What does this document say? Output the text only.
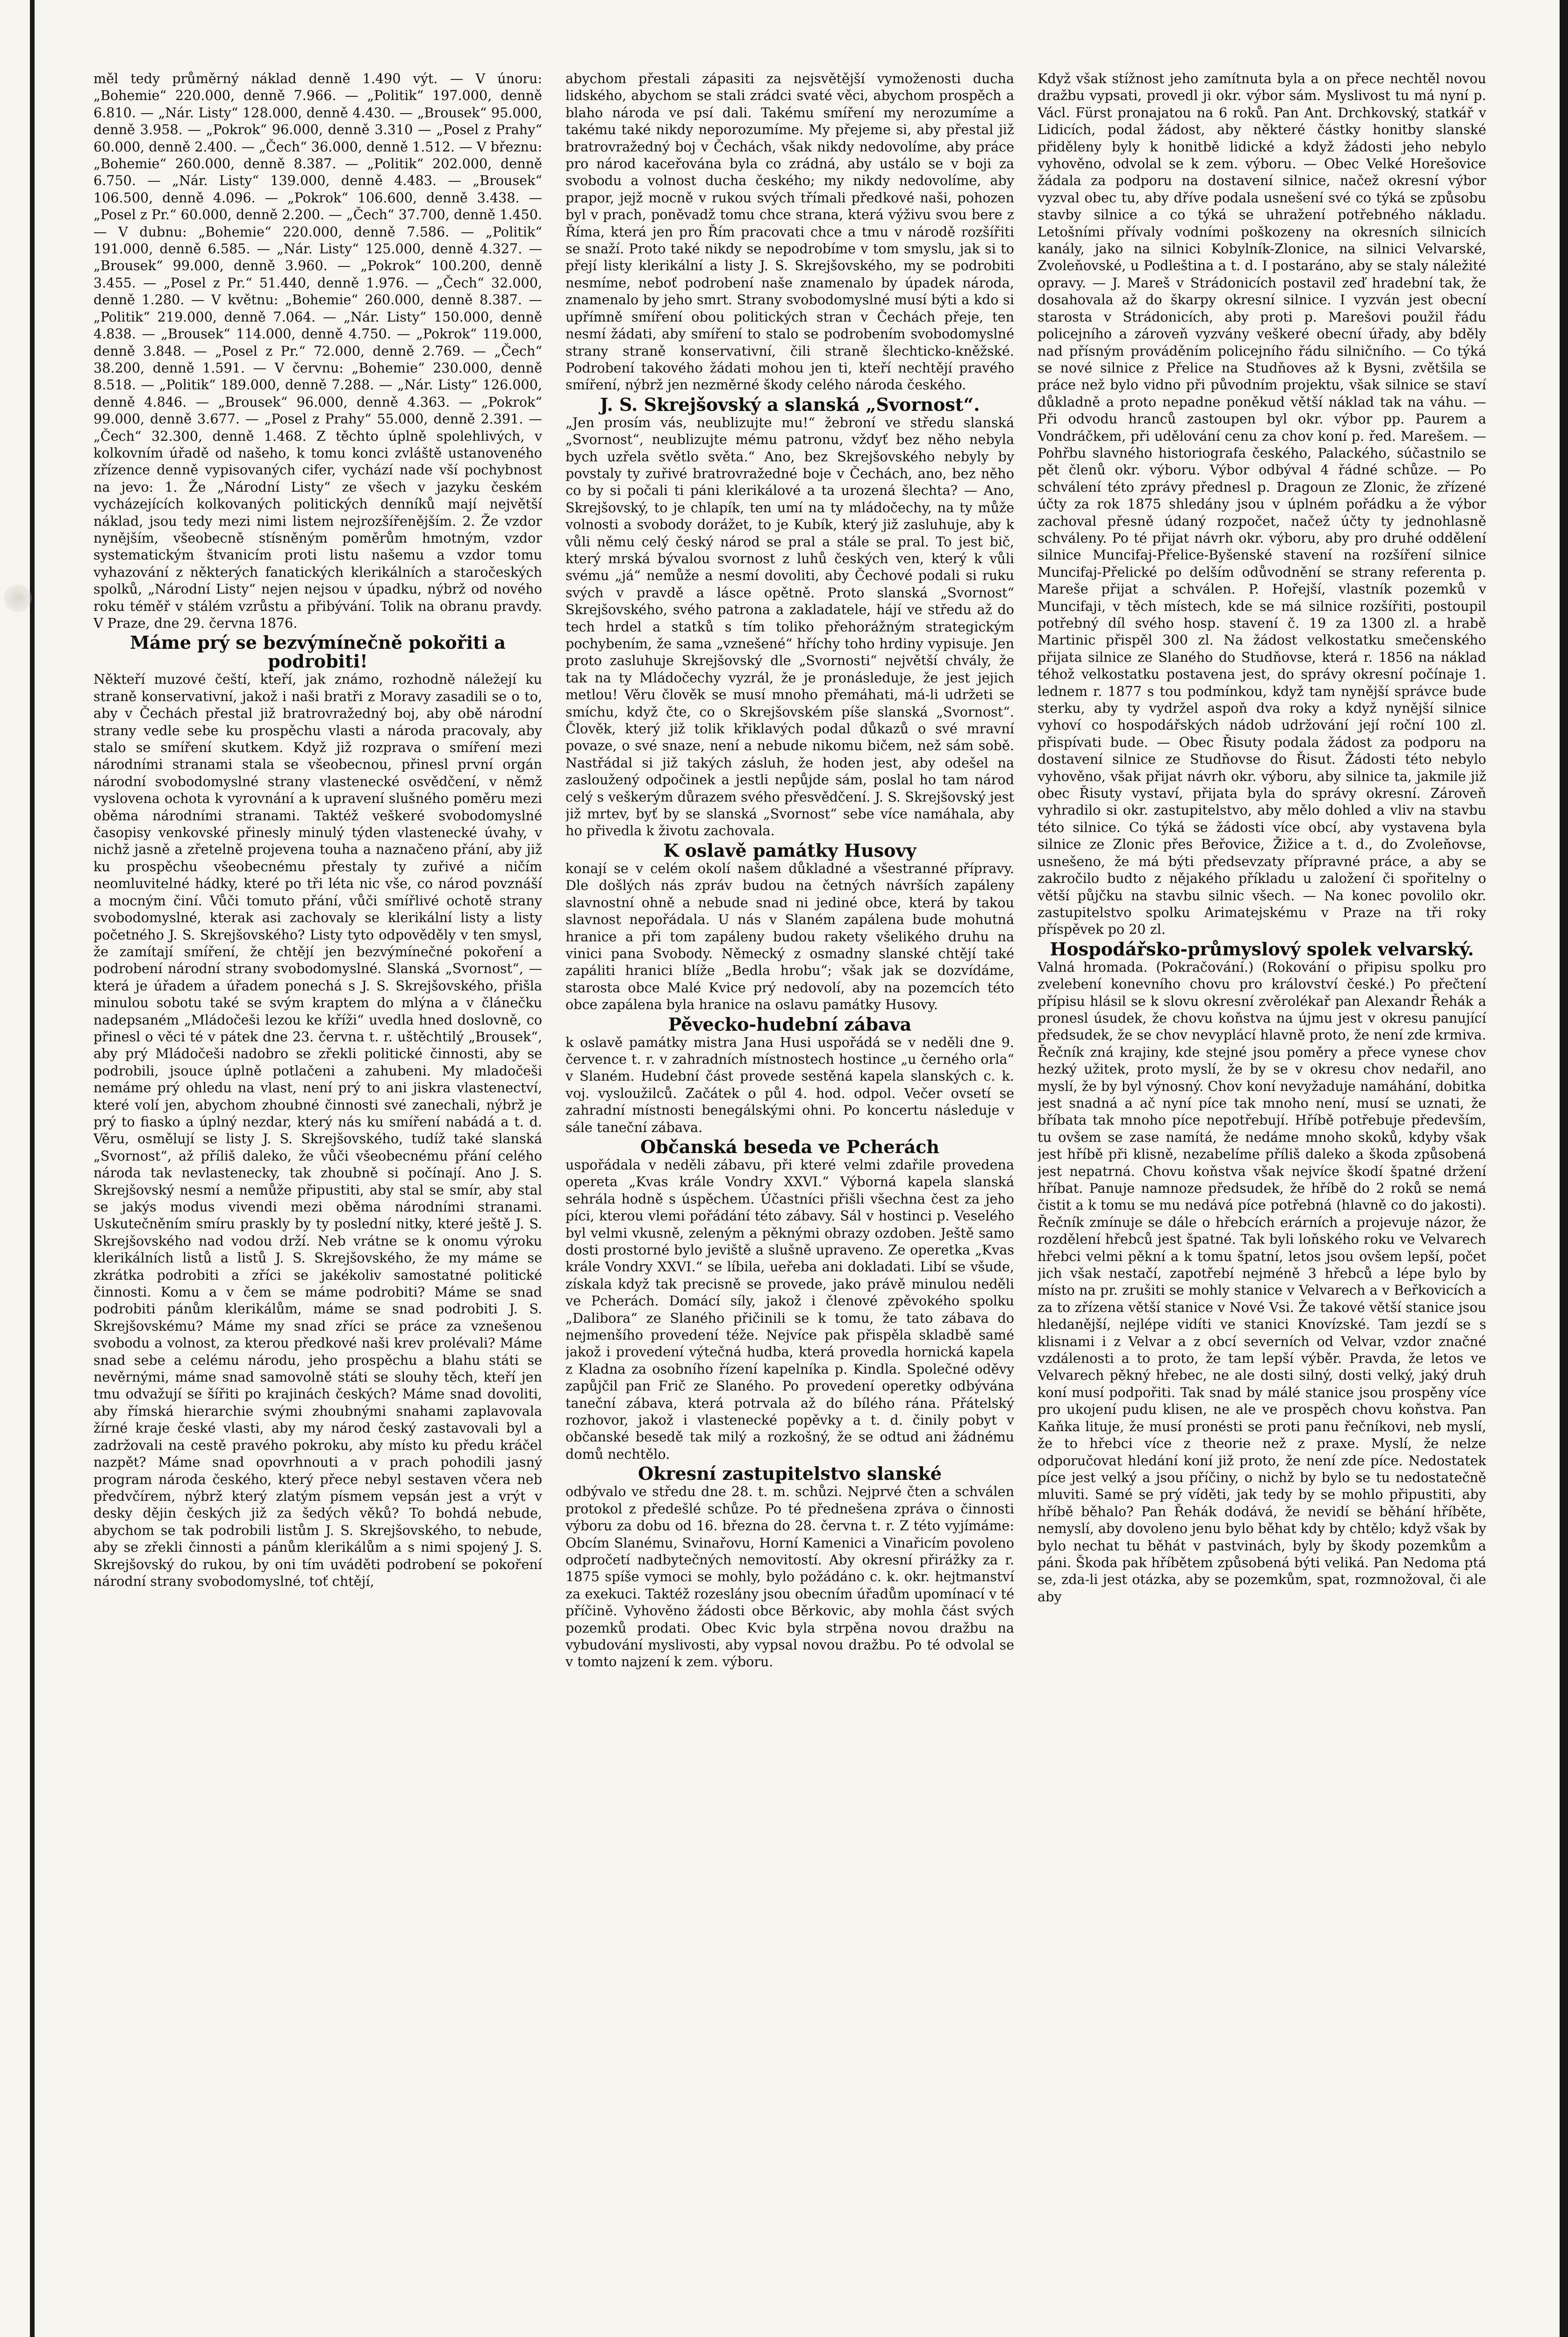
měl tedy průměrný náklad denně 1.490 výt. — V únoru: „Bohemie“ 220.000, denně 7.966. — „Politik“ 197.000, denně 6.810. — „Nár. Listy“ 128.000, denně 4.430. — „Brousek“ 95.000, denně 3.958. — „Pokrok“ 96.000, denně 3.310 — „Posel z Prahy“ 60.000, denně 2.400. — „Čech“ 36.000, denně 1.512. — V březnu: „Bohemie“ 260.000, denně 8.387. — „Politik“ 202.000, denně 6.750. — „Nár. Listy“ 139.000, denně 4.483. — „Brousek“ 106.500, denně 4.096. — „Pokrok“ 106.600, denně 3.438. — „Posel z Pr.“ 60.000, denně 2.200. — „Čech“ 37.700, denně 1.450. — V dubnu: „Bohemie“ 220.000, denně 7.586. — „Politik“ 191.000, denně 6.585. — „Nár. Listy“ 125.000, denně 4.327. — „Brousek“ 99.000, denně 3.960. — „Pokrok“ 100.200, denně 3.455. — „Posel z Pr.“ 51.440, denně 1.976. — „Čech“ 32.000, denně 1.280. — V květnu: „Bohemie“ 260.000, denně 8.387. — „Politik“ 219.000, denně 7.064. — „Nár. Listy“ 150.000, denně 4.838. — „Brousek“ 114.000, denně 4.750. — „Pokrok“ 119.000, denně 3.848. — „Posel z Pr.“ 72.000, denně 2.769. — „Čech“ 38.200, denně 1.591. — V červnu: „Bohemie“ 230.000, denně 8.518. — „Politik“ 189.000, denně 7.288. — „Nár. Listy“ 126.000, denně 4.846. — „Brousek“ 96.000, denně 4.363. — „Pokrok“ 99.000, denně 3.677. — „Posel z Prahy“ 55.000, denně 2.391. — „Čech“ 32.300, denně 1.468. Z těchto úplně spolehlivých, v kolkovním úřadě od našeho, k tomu konci zvláště ustanoveného zřízence denně vypisovaných cifer, vychází nade vší pochybnost na jevo: 1. Že „Národní Listy“ ze všech v jazyku českém vycházejících kolkovaných politických denníků mají největší náklad, jsou tedy mezi nimi listem nejrozšířenějším. 2. Že vzdor nynějším, všeobecně stísněným poměrům hmotným, vzdor systematickým štvanicím proti listu našemu a vzdor tomu vyhazování z některých fanatických klerikálních a staročeských spolků, „Národní Listy“ nejen nejsou v úpadku, nýbrž od nového roku téměř v stálém vzrůstu a přibývání. Tolik na obranu pravdy. V Praze, dne 29. června 1876.

Máme prý se bezvýmínečně pokořiti a podrobiti!

Někteří muzové čeští, kteří, jak známo, rozhodně náležejí ku straně konservativní, jakož i naši bratři z Moravy zasadili se o to, aby v Čechách přestal již bratrovražedný boj, aby obě národní strany vedle sebe ku prospěchu vlasti a národa pracovaly, aby stalo se smíření skutkem. Když již rozprava o smíření mezi národními stranami stala se všeobecnou, přinesl první orgán národní svobodomyslné strany vlastenecké osvědčení, v němž vyslovena ochota k vyrovnání a k upravení slušného poměru mezi oběma národními stranami. Taktéž veškeré svobodomyslné časopisy venkovské přinesly minulý týden vlastenecké úvahy, v nichž jasně a zřetelně projevena touha a naznačeno přání, aby již ku prospěchu všeobecnému přestaly ty zuřivé a ničím neomluvitelné hádky, které po tři léta nic vše, co národ povznáší a mocným činí. Vůči tomuto přání, vůči smířlivé ochotě strany svobodomyslné, kterak asi zachovaly se klerikální listy a listy početného J. S. Skrejšovského? Listy tyto odpověděly v ten smysl, že zamítají smíření, že chtějí jen bezvýmínečné pokoření a podrobení národní strany svobodomyslné. Slanská „Svornost“, — která je úřadem a úřadem ponechá s J. S. Skrejšovského, přišla minulou sobotu také se svým kraptem do mlýna a v článečku nadepsaném „Mládočeši lezou ke kříži“ uvedla hned doslovně, co přinesl o věci té v pátek dne 23. června t. r. uštěchtilý „Brousek“, aby prý Mládočeši nadobro se zřekli politické činnosti, aby se podrobili, jsouce úplně potlačeni a zahubeni. My mladočeši nemáme prý ohledu na vlast, není prý to ani jiskra vlastenectví, které volí jen, abychom zhoubné činnosti své zanechali, nýbrž je prý to fiasko a úplný nezdar, který nás ku smíření nabádá a t. d. Věru, osmělují se listy J. S. Skrejšovského, tudíž také slanská „Svornost“, až příliš daleko, že vůči všeobecnému přání celého národa tak nevlastenecky, tak zhoubně si počínají. Ano J. S. Skrejšovský nesmí a nemůže připustiti, aby stal se smír, aby stal se jakýs modus vivendi mezi oběma národními stranami. Uskutečněním smíru praskly by ty poslední nitky, které ještě J. S. Skrejšovského nad vodou drží. Neb vrátne se k onomu výroku klerikálních listů a listů J. S. Skrejšovského, že my máme se zkrátka podrobiti a zříci se jakékoliv samostatné politické činnosti. Komu a v čem se máme podrobiti? Máme se snad podrobiti pánům klerikálům, máme se snad podrobiti J. S. Skrejšovskému? Máme my snad zříci se práce za vznešenou svobodu a volnost, za kterou předkové naši krev prolévali? Máme snad sebe a celému národu, jeho prospěchu a blahu státi se nevěrnými, máme snad samovolně státi se slouhy těch, kteří jen tmu odvažují se šířiti po krajinách českých? Máme snad dovoliti, aby římská hierarchie svými zhoubnými snahami zaplavovala žírné kraje české vlasti, aby my národ český zastavovali byl a zadržovali na cestě pravého pokroku, aby místo ku předu kráčel nazpět? Máme snad opovrhnouti a v prach pohodili jasný program národa českého, který přece nebyl sestaven včera neb předvčírem, nýbrž který zlatým písmem vepsán jest a vrýt v desky dějin českých již za šedých věků? To bohdá nebude, abychom se tak podrobili listům J. S. Skrejšovského, to nebude, aby se zřekli činnosti a pánům klerikálům a s nimi spojený J. S. Skrejšovský do rukou, by oni tím uváděti podrobení se pokoření národní strany svobodomyslné, toť chtějí,

abychom přestali zápasiti za nejsvětější vymoženosti ducha lidského, abychom se stali zrádci svaté věci, abychom prospěch a blaho národa ve psí dali. Takému smíření my nerozumíme a takému také nikdy neporozumíme. My přejeme si, aby přestal již bratrovražedný boj v Čechách, však nikdy nedovolíme, aby práce pro národ kaceřována byla co zrádná, aby ustálo se v boji za svobodu a volnost ducha českého; my nikdy nedovolíme, aby prapor, jejž mocně v rukou svých třímali předkové naši, pohozen byl v prach, poněvadž tomu chce strana, která výživu svou bere z Říma, která jen pro Řím pracovati chce a tmu v národě rozšířiti se snaží. Proto také nikdy se nepodrobíme v tom smyslu, jak si to přejí listy klerikální a listy J. S. Skrejšovského, my se podrobiti nesmíme, neboť podrobení naše znamenalo by úpadek národa, znamenalo by jeho smrt. Strany svobodomyslné musí býti a kdo si upřímně smíření obou politických stran v Čechách přeje, ten nesmí žádati, aby smíření to stalo se podrobením svobodomyslné strany straně konservativní, čili straně šlechticko-kněžské. Podrobení takového žádati mohou jen ti, kteří nechtějí pravého smíření, nýbrž jen nezměrné škody celého národa českého.

J. S. Skrejšovský a slanská „Svornost“.

„Jen prosím vás, neublizujte mu!“ žebroní ve středu slanská „Svornost“, neublizujte mému patronu, vždyť bez něho nebyla bych uzřela světlo světa.“ Ano, bez Skrejšovského nebyly by povstaly ty zuřivé bratrovražedné boje v Čechách, ano, bez něho co by si počali ti páni klerikálové a ta urozená šlechta? — Ano, Skrejšovský, to je chlapík, ten umí na ty mládočechy, na ty může volnosti a svobody dorážet, to je Kubík, který již zasluhuje, aby k vůli němu celý český národ se pral a stále se pral. To jest bič, který mrská bývalou svornost z luhů českých ven, který k vůli svému „já“ nemůže a nesmí dovoliti, aby Čechové podali si ruku svých v pravdě a lásce opětně. Proto slanská „Svornost“ Skrejšovského, svého patrona a zakladatele, hájí ve středu až do tech hrdel a statků s tím toliko přehorážným strategickým pochybením, že sama „vznešené“ hříchy toho hrdiny vypisuje. Jen proto zasluhuje Skrejšovský dle „Svornosti“ největší chvály, že tak na ty Mládočechy vyzrál, že je pronásleduje, že jest jejich metlou! Věru člověk se musí mnoho přemáhati, má-li udržeti se smíchu, když čte, co o Skrejšovském píše slanská „Svornost“. Člověk, který již tolik křiklavých podal důkazů o své mravní povaze, o své snaze, není a nebude nikomu bičem, než sám sobě. Nastřádal si již takých zásluh, že hoden jest, aby odešel na zasloužený odpočinek a jestli nepůjde sám, poslal ho tam národ celý s veškerým důrazem svého přesvědčení. J. S. Skrejšovský jest již mrtev, byť by se slanská „Svornost“ sebe více namáhala, aby ho přivedla k životu zachovala.

K oslavě památky Husovy

konají se v celém okolí našem důkladné a všestranné přípravy. Dle došlých nás zpráv budou na četných návrších zapáleny slavnostní ohně a nebude snad ni jediné obce, která by takou slavnost nepořádala. U nás v Slaném zapálena bude mohutná hranice a při tom zapáleny budou rakety všelikého druhu na vinici pana Svobody. Německý z osmadny slanské chtějí také zapáliti hranici blíže „Bedla hrobu“; však jak se dozvídáme, starosta obce Malé Kvice prý nedovolí, aby na pozemcích této obce zapálena byla hranice na oslavu památky Husovy.

Pěvecko-hudební zábava

k oslavě památky mistra Jana Husi uspořádá se v neděli dne 9. července t. r. v zahradních místnostech hostince „u černého orla“ v Slaném. Hudební část provede sestěná kapela slanských c. k. voj. vysloužilců. Začátek o půl 4. hod. odpol. Večer ovsetí se zahradní místnosti benegálskými ohni. Po koncertu následuje v sále taneční zábava.

Občanská beseda ve Pcherách

uspořádala v neděli zábavu, při které velmi zdařile provedena opereta „Kvas krále Vondry XXVI.“ Výborná kapela slanská sehrála hodně s úspěchem. Účastníci přišli všechna čest za jeho píci, kterou vlemi pořádání této zábavy. Sál v hostinci p. Veselého byl velmi vkusně, zeleným a pěknými obrazy ozdoben. Ještě samo dosti prostorné bylo jeviště a slušně upraveno. Ze operetka „Kvas krále Vondry XXVI.“ se líbila, ueřeba ani dokladati. Libí se všude, získala když tak precisně se provede, jako právě minulou neděli ve Pcherách. Domácí síly, jakož i členové zpěvokého spolku „Dalibora“ ze Slaného přičinili se k tomu, že tato zábava do nejmenšího provedení téže. Nejvíce pak přispěla skladbě samé jakož i provedení výtečná hudba, která provedla hornická kapela z Kladna za osobního řízení kapelníka p. Kindla. Společné oděvy zapůjčil pan Frič ze Slaného. Po provedení operetky odbývána taneční zábava, která potrvala až do bílého rána. Přátelský rozhovor, jakož i vlastenecké popěvky a t. d. činily pobyt v občanské besedě tak milý a rozkošný, že se odtud ani žádnému domů nechtělo.

Okresní zastupitelstvo slanské

odbývalo ve středu dne 28. t. m. schůzi. Nejprvé čten a schválen protokol z předešlé schůze. Po té přednešena zpráva o činnosti výboru za dobu od 16. března do 28. června t. r. Z této vyjímáme: Obcím Slanému, Svinařovu, Horní Kamenici a Vinařicím povoleno odpročetí nadbytečných nemovitostí. Aby okresní přirážky za r. 1875 spíše vymoci se mohly, bylo požádáno c. k. okr. hejtmanství za exekuci. Taktéž rozeslány jsou obecním úřadům upomínací v té příčině. Vyhověno žádosti obce Běrkovic, aby mohla část svých pozemků prodati. Obec Kvic byla strpěna novou dražbu na vybudování myslivosti, aby vypsal novou dražbu. Po té odvolal se v tomto najzení k zem. výboru.

Když však stížnost jeho zamítnuta byla a on přece nechtěl novou dražbu vypsati, provedl ji okr. výbor sám. Myslivost tu má nyní p. Václ. Fürst pronajatou na 6 roků. Pan Ant. Drchkovský, statkář v Lidicích, podal žádost, aby některé částky honitby slanské přiděleny byly k honitbě lidické a když žádosti jeho nebylo vyhověno, odvolal se k zem. výboru. — Obec Velké Horešovice žádala za podporu na dostavení silnice, načež okresní výbor vyzval obec tu, aby dříve podala usnešení své co týká se způsobu stavby silnice a co týká se uhražení potřebného nákladu. Letošními přívaly vodními poškozeny na okresních silnicích kanály, jako na silnici Kobylník-Zlonice, na silnici Velvarské, Zvoleňovské, u Podleština a t. d. I postaráno, aby se staly náležité opravy. — J. Mareš v Strádonicích postavil zeď hradební tak, že dosahovala až do škarpy okresní silnice. I vyzván jest obecní starosta v Strádonicích, aby proti p. Marešovi použil řádu policejního a zároveň vyzvány veškeré obecní úřady, aby bděly nad přísným prováděním policejního řádu silničního. — Co týká se nové silnice z Přelice na Studňoves až k Bysni, zvětšila se práce než bylo vidno při původním projektu, však silnice se staví důkladně a proto nepadne poněkud větší náklad tak na váhu. — Při odvodu hranců zastoupen byl okr. výbor pp. Paurem a Vondráčkem, při udělování cenu za chov koní p. řed. Marešem. — Pohřbu slavného historiografa českého, Palackého, súčastnilo se pět členů okr. výboru. Výbor odbýval 4 řádné schůze. — Po schválení této zprávy přednesl p. Dragoun ze Zlonic, že zřízené účty za rok 1875 shledány jsou v úplném pořádku a že výbor zachoval přesně údaný rozpočet, načež účty ty jednohlasně schváleny. Po té přijat návrh okr. výboru, aby pro druhé oddělení silnice Muncifaj-Přelice-Byšenské stavení na rozšíření silnice Muncifaj-Přelické po delším odůvodnění se strany referenta p. Mareše přijat a schválen. P. Hořejší, vlastník pozemků v Muncifaji, v těch místech, kde se má silnice rozšířiti, postoupil potřebný díl svého hosp. stavení č. 19 za 1300 zl. a hrabě Martinic přispěl 300 zl. Na žádost velkostatku smečenského přijata silnice ze Slaného do Studňovse, která r. 1856 na náklad téhož velkostatku postavena jest, do správy okresní počínaje 1. lednem r. 1877 s tou podmínkou, když tam nynější správce bude sterku, aby ty vydržel aspoň dva roky a když nynější silnice vyhoví co hospodářských nádob udržování její roční 100 zl. přispívati bude. — Obec Řisuty podala žádost za podporu na dostavení silnice ze Studňovse do Řisut. Žádosti této nebylo vyhověno, však přijat návrh okr. výboru, aby silnice ta, jakmile již obec Řisuty vystaví, přijata byla do správy okresní. Zároveň vyhradilo si okr. zastupitelstvo, aby mělo dohled a vliv na stavbu této silnice. Co týká se žádosti více obcí, aby vystavena byla silnice ze Zlonic přes Beřovice, Žižice a t. d., do Zvoleňovse, usnešeno, že má býti předsevzaty přípravné práce, a aby se zakročilo budto z nějakého příkladu u založení či spořitelny o větší půjčku na stavbu silnic všech. — Na konec povolilo okr. zastupitelstvo spolku Arimatejskému v Praze na tři roky příspěvek po 20 zl.

Hospodářsko-průmyslový spolek velvarský.

Valná hromada. (Pokračování.) (Rokování o připisu spolku pro zvelebení konevního chovu pro království české.) Po přečtení přípisu hlásil se k slovu okresní zvěrolékař pan Alexandr Řehák a pronesl úsudek, že chovu koňstva na újmu jest v okresu panující předsudek, že se chov nevyplácí hlavně proto, že není zde krmiva. Řečník zná krajiny, kde stejné jsou poměry a přece vynese chov hezký užitek, proto myslí, že by se v okresu chov nedařil, ano myslí, že by byl výnosný. Chov koní nevyžaduje namáhání, dobitka jest snadná a ač nyní píce tak mnoho není, musí se uznati, že bříbata tak mnoho píce nepotřebují. Hříbě potřebuje především, tu ovšem se zase namítá, že nedáme mnoho skoků, kdyby však jest hříbě při klisně, nezabelíme příliš daleko a škoda způsobená jest nepatrná. Chovu koňstva však nejvíce škodí špatné držení hříbat. Panuje namnoze předsudek, že hříbě do 2 roků se nemá čistit a k tomu se mu nedává píce potřebná (hlavně co do jakosti). Řečník zmínuje se dále o hřebcích erárních a projevuje názor, že rozdělení hřebců jest špatné. Tak byli loňského roku ve Velvarech hřebci velmi pěkní a k tomu špatní, letos jsou ovšem lepší, počet jich však nestačí, zapotřebí nejméně 3 hřebců a lépe bylo by místo na pr. zrušiti se mohly stanice v Velvarech a v Beřkovicích a za to zřízena větší stanice v Nové Vsi. Že takové větší stanice jsou hledanější, nejlépe vidíti ve stanici Knovízské. Tam jezdí se s klisnami i z Velvar a z obcí severních od Velvar, vzdor značné vzdálenosti a to proto, že tam lepší výběr. Pravda, že letos ve Velvarech pěkný hřebec, ne ale dosti silný, dosti velký, jaký druh koní musí podpořiti. Tak snad by málé stanice jsou prospěny více pro ukojení pudu klisen, ne ale ve prospěch chovu koňstva. Pan Kaňka lituje, že musí pronésti se proti panu řečníkovi, neb myslí, že to hřebci více z theorie než z praxe. Myslí, že nelze odporučovat hledání koní již proto, že není zde píce. Nedostatek píce jest velký a jsou příčiny, o nichž by bylo se tu nedostatečně mluviti. Samé se prý víděti, jak tedy by se mohlo připustiti, aby hříbě běhalo? Pan Řehák dodává, že nevidí se běhání hříběte, nemyslí, aby dovoleno jenu bylo běhat kdy by chtělo; když však by bylo nechat tu běhát v pastvinách, byly by škody pozemkům a páni. Škoda pak hříbětem způsobená býti veliká. Pan Nedoma ptá se, zda-li jest otázka, aby se pozemkům, spat, rozmnožoval, či ale aby
